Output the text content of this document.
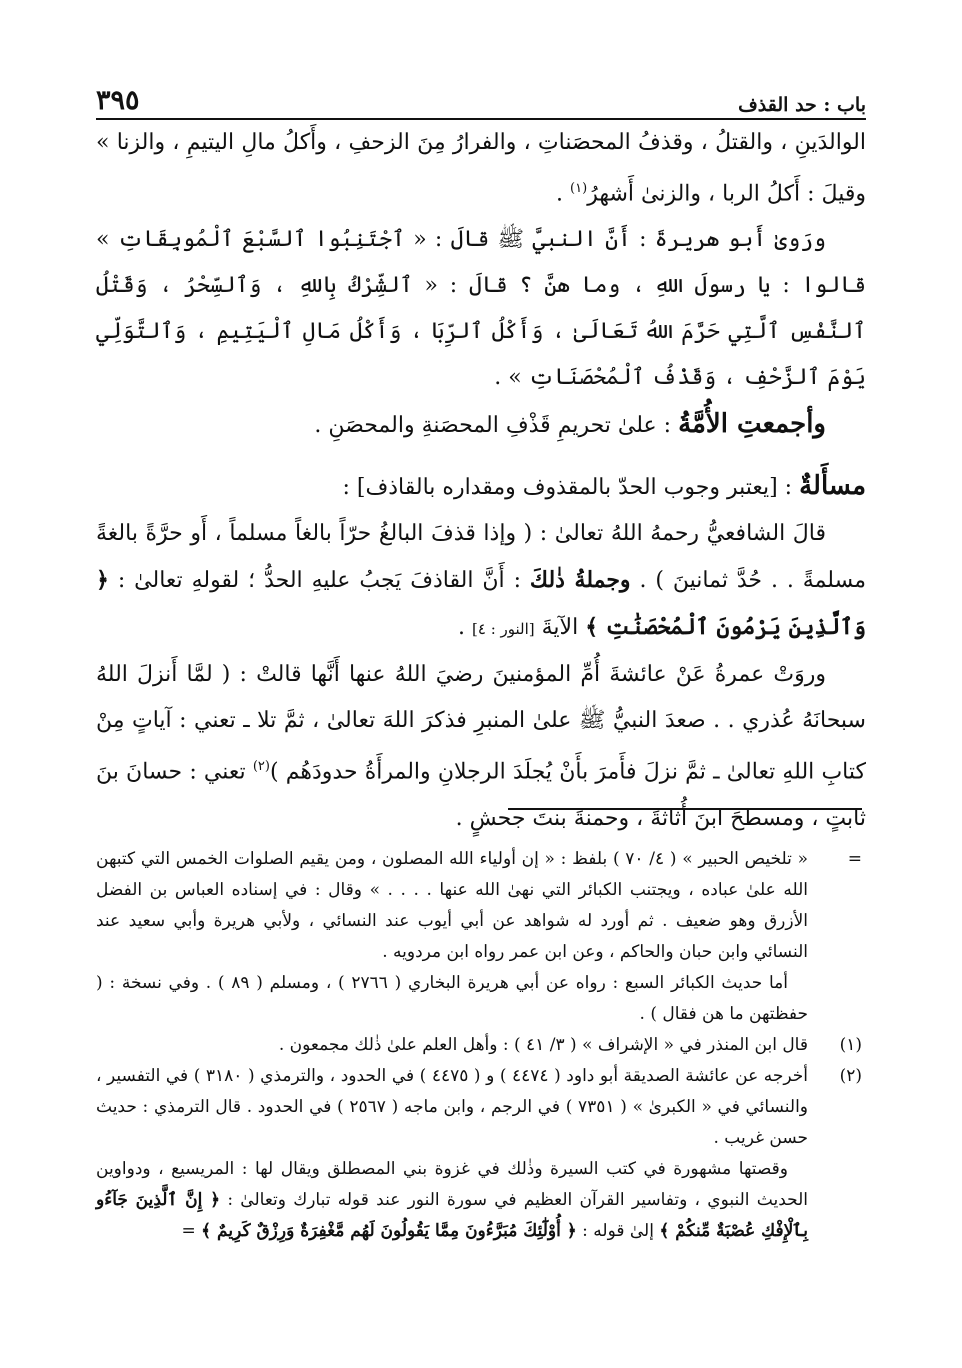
باب : حد القذف
٣٩٥

الوالدَينِ ، والقتلُ ، وقذفُ المحصَناتِ ، والفرارُ مِنَ الزحفِ ، وأَكلُ مالِ اليتيمِ ، والزنا » وقيلَ : أَكلُ الربا ، والزنىٰ أَشهرُ$^{(١)}$ .

ورَوىٰ أَبو هريرةَ : أَنَّ النبيَّ ﷺ قالَ : « ٱجْتَنِبُوا ٱلسَّبْعَ ٱلْمُوبِقَاتِ » قالوا : يا رسولَ اللهِ ، وما هنَّ ؟ قالَ : « ٱلشِّرْكُ بِاللهِ ، وَٱلسِّحْرُ ، وَقَتْلُ ٱلنَّفْسِ ٱلَّتِي حَرَّمَ اللهُ تَعَالَىٰ ، وَأَكْلُ ٱلرِّبَا ، وَأَكْلُ مَالِ ٱلْيَتِيمِ ، وَٱلتَّوَلِّي يَوْمَ ٱلزَّحْفِ ، وَقَذْفُ ٱلْمُحْصَنَاتِ » .

وأجمعتِ الأُمَّةُ : علىٰ تحريمِ قَذْفِ المحصَنةِ والمحصَنِ .

مسأَلةٌ : [يعتبر وجوب الحدّ بالمقذوف ومقداره بالقاذف] :

قالَ الشافعيُّ رحمهُ اللهُ تعالىٰ : ( وإذا قذفَ البالغُ حرّاً بالغاً مسلماً ، أَو حرَّةً بالغةً مسلمةً . . حُدَّ ثمانينَ ) . وجملةُ ذٰلكَ : أَنَّ القاذفَ يَجبُ عليهِ الحدُّ ؛ لقولهِ تعالىٰ : ﴿ وَٱلَّذِينَ يَرْمُونَ ٱلْمُحْصَنَٰتِ ﴾ الآيةَ [النور : ٤] .

وروَتْ عمرةُ عَنْ عائشةَ أُمِّ المؤمنينَ رضيَ اللهُ عنها أَنَّها قالتْ : ( لمَّا أَنزلَ اللهُ سبحانَهُ عُذري . . صعدَ النبيُّ ﷺ علىٰ المنبرِ فذكرَ اللهَ تعالىٰ ، ثمَّ تلا ـ تعني : آياتٍ مِنْ كتابِ اللهِ تعالىٰ ـ ثمَّ نزلَ فأَمرَ بأَنْ يُجلَدَ الرجلانِ والمرأَةُ حدودَهُم )$^{(٢)}$ تعني : حسانَ بنَ ثابتٍ ، ومسطحَ ابنَ أُثاثةَ ، وحمنةَ بنتَ جحشٍ .

=
« تلخيص الحبير » ( ٤/ ٧٠ ) بلفظ : « إن أولياء الله المصلون ، ومن يقيم الصلوات الخمس التي كتبهن الله علىٰ عباده ، ويجتنب الكبائر التي نهىٰ الله عنها . . . . » وقال : في إسناده العباس بن الفضل الأزرق وهو ضعيف . ثم أورد له شواهد عن أبي أيوب عند النسائي ، ولأبي هريرة وأبي سعيد عند النسائي وابن حبان والحاكم ، وعن ابن عمر رواه ابن مردويه .

أما حديث الكبائر السبع : رواه عن أبي هريرة البخاري ( ٢٧٦٦ ) ، ومسلم ( ٨٩ ) . وفي نسخة : ( حفظتهن ما هن فقال ) .

(١)
قال ابن المنذر في « الإشراف » ( ٣/ ٤١ ) : وأهل العلم علىٰ ذٰلك مجمعون .

(٢)
أخرجه عن عائشة الصديقة أبو داود ( ٤٤٧٤ ) و ( ٤٤٧٥ ) في الحدود ، والترمذي ( ٣١٨٠ ) في التفسير ، والنسائي في « الكبرىٰ » ( ٧٣٥١ ) في الرجم ، وابن ماجه ( ٢٥٦٧ ) في الحدود . قال الترمذي : حديث حسن غريب .

وقصتها مشهورة في كتب السيرة وذٰلك في غزوة بني المصطلق ويقال لها : المريسيع ، ودواوين الحديث النبوي ، وتفاسير القرآن العظيم في سورة النور عند قوله تبارك وتعالىٰ : ﴿ إِنَّ ٱلَّذِينَ جَآءُو بِٱلْإِفْكِ عُصْبَةٌ مِّنكُمْ ﴾ إلىٰ قوله : ﴿ أُوْلَٰٓئِكَ مُبَرَّءُونَ مِمَّا يَقُولُونَ لَهُم مَّغْفِرَةٌ وَرِزْقٌ كَرِيمٌ ﴾ =
